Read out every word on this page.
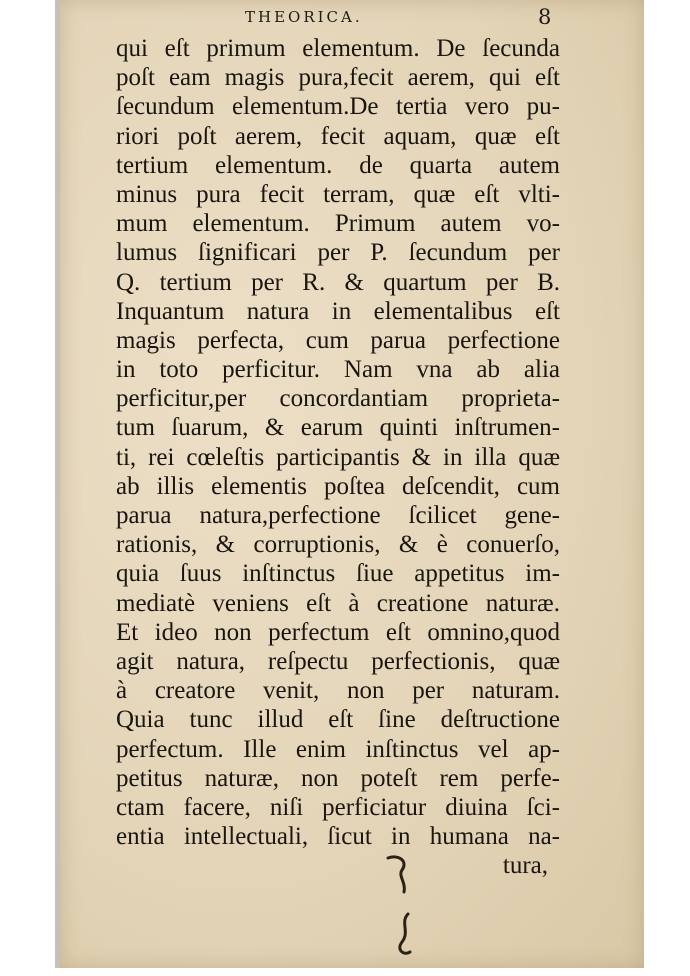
THEORICA.	8
qui eſt primum elementum. De ſecunda
poſt eam magis pura,fecit aerem, qui eſt
ſecundum elementum.De tertia vero pu-
riori poſt aerem, fecit aquam, quæ eſt
tertium elementum. de quarta autem
minus pura fecit terram, quæ eſt vlti-
mum elementum. Primum autem vo-
lumus ſignificari per P. ſecundum per
Q. tertium per R. & quartum per B.
Inquantum natura in elementalibus eſt
magis perfecta, cum parua perfectione
in toto perficitur. Nam vna ab alia
perficitur,per concordantiam proprieta-
tum ſuarum, & earum quinti inſtrumen-
ti, rei cœleſtis participantis & in illa quæ
ab illis elementis poſtea deſcendit, cum
parua natura,perfectione ſcilicet gene-
rationis, & corruptionis, & è conuerſo,
quia ſuus inſtinctus ſiue appetitus im-
mediatè veniens eſt à creatione naturæ.
Et ideo non perfectum eſt omnino,quod
agit natura, reſpectu perfectionis, quæ
à creatore venit, non per naturam.
Quia tunc illud eſt ſine deſtructione
perfectum. Ille enim inſtinctus vel ap-
petitus naturæ, non poteſt rem perfe-
ctam facere, niſi perficiatur diuina ſci-
entia intellectuali, ſicut in humana na-
tura,
